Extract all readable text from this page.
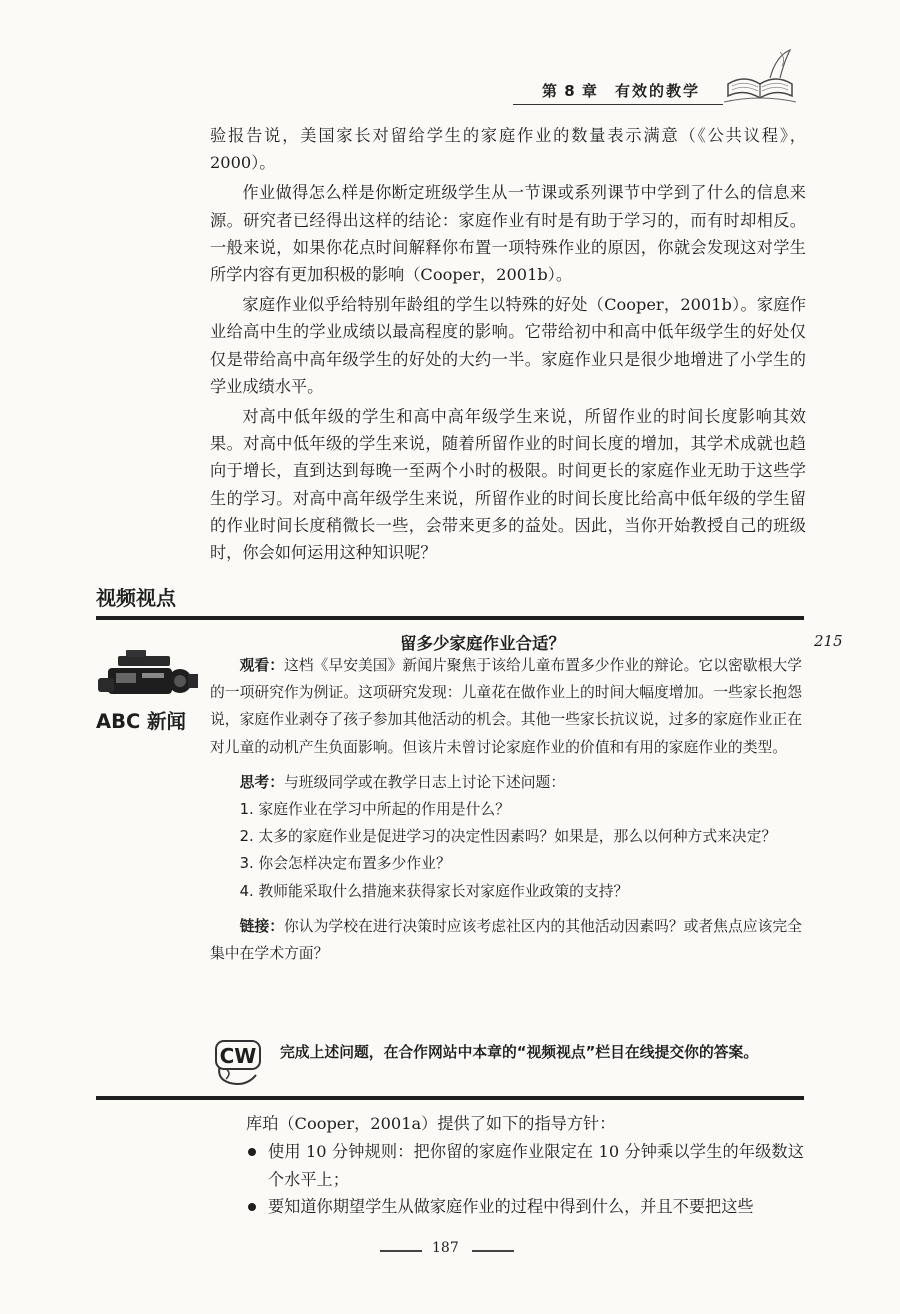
第 8 章 有效的教学

验报告说，美国家长对留给学生的家庭作业的数量表示满意（《公共议程》，2000）。

作业做得怎么样是你断定班级学生从一节课或系列课节中学到了什么的信息来源。研究者已经得出这样的结论：家庭作业有时是有助于学习的，而有时却相反。一般来说，如果你花点时间解释你布置一项特殊作业的原因，你就会发现这对学生所学内容有更加积极的影响（Cooper，2001b）。

家庭作业似乎给特别年龄组的学生以特殊的好处（Cooper，2001b）。家庭作业给高中生的学业成绩以最高程度的影响。它带给初中和高中低年级学生的好处仅仅是带给高中高年级学生的好处的大约一半。家庭作业只是很少地增进了小学生的学业成绩水平。

对高中低年级的学生和高中高年级学生来说，所留作业的时间长度影响其效果。对高中低年级的学生来说，随着所留作业的时间长度的增加，其学术成就也趋向于增长，直到达到每晚一至两个小时的极限。时间更长的家庭作业无助于这些学生的学习。对高中高年级学生来说，所留作业的时间长度比给高中低年级的学生留的作业时间长度稍微长一些，会带来更多的益处。因此，当你开始教授自己的班级时，你会如何运用这种知识呢？

视频视点
留多少家庭作业合适？	215
ABC 新闻

观看：这档《早安美国》新闻片聚焦于该给儿童布置多少作业的辩论。它以密歇根大学的一项研究作为例证。这项研究发现：儿童花在做作业上的时间大幅度增加。一些家长抱怨说，家庭作业剥夺了孩子参加其他活动的机会。其他一些家长抗议说，过多的家庭作业正在对儿童的动机产生负面影响。但该片未曾讨论家庭作业的价值和有用的家庭作业的类型。

思考：与班级同学或在教学日志上讨论下述问题：

1. 家庭作业在学习中所起的作用是什么？

2. 太多的家庭作业是促进学习的决定性因素吗？如果是，那么以何种方式来决定？

3. 你会怎样决定布置多少作业？

4. 教师能采取什么措施来获得家长对家庭作业政策的支持？

链接：你认为学校在进行决策时应该考虑社区内的其他活动因素吗？或者焦点应该完全集中在学术方面？

CW 完成上述问题，在合作网站中本章的“视频视点”栏目在线提交你的答案。

库珀（Cooper，2001a）提供了如下的指导方针：

使用 10 分钟规则：把你留的家庭作业限定在 10 分钟乘以学生的年级数这个水平上；
要知道你期望学生从做家庭作业的过程中得到什么，并且不要把这些
187
